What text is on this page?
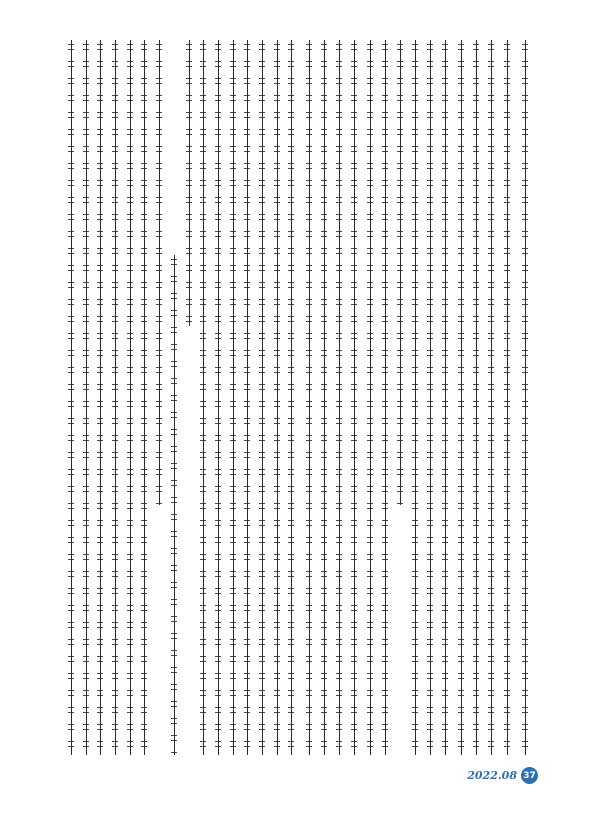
2022.08 37
